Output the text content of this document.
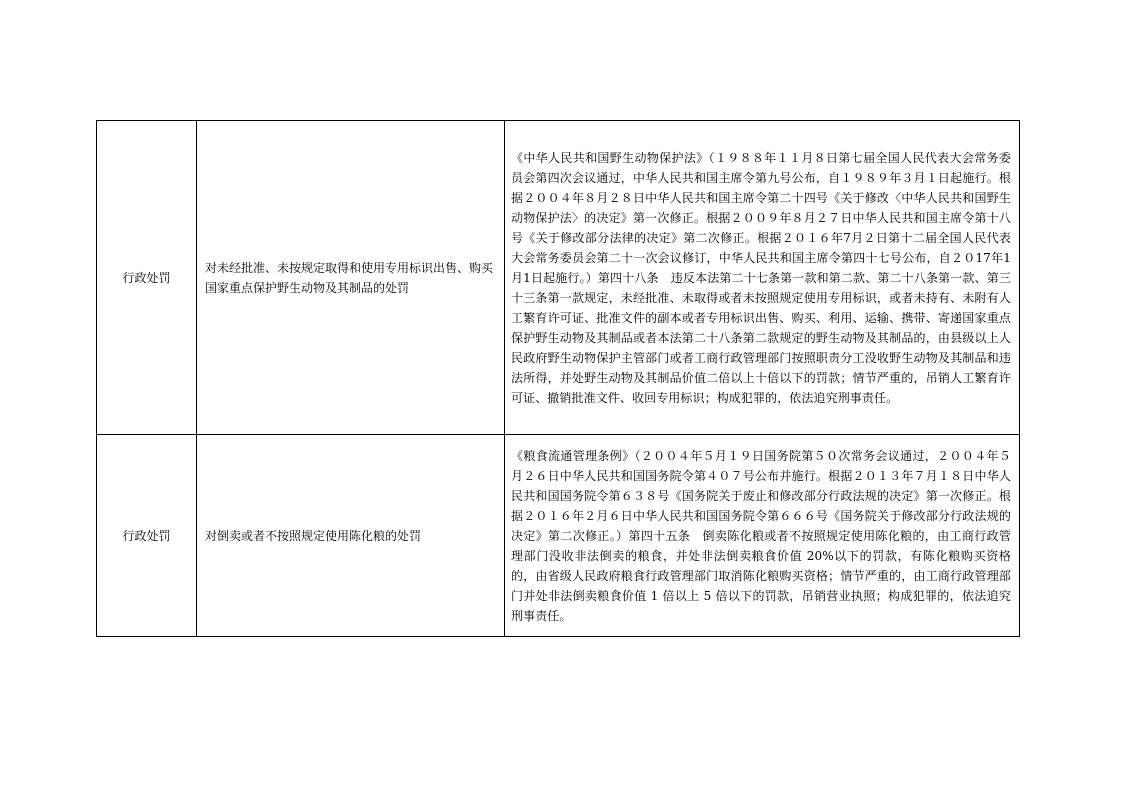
行政处罚	对未经批准、未按规定取得和使用专用标识出售、购买国家重点保护野生动物及其制品的处罚	《中华人民共和国野生动物保护法》（１９８８年１１月８日第七届全国人民代表大会常务委员会第四次会议通过，中华人民共和国主席令第九号公布，自１９８９年３月１日起施行。根据２００４年８月２８日中华人民共和国主席令第二十四号《关于修改〈中华人民共和国野生动物保护法〉的决定》第一次修正。根据２００９年８月２７日中华人民共和国主席令第十八号《关于修改部分法律的决定》第二次修正。根据２０１６年7月２日第十二届全国人民代表大会常务委员会第二十一次会议修订，中华人民共和国主席令第四十七号公布，自２０17年1月1日起施行。）第四十八条　违反本法第二十七条第一款和第二款、第二十八条第一款、第三十三条第一款规定，未经批准、未取得或者未按照规定使用专用标识，或者未持有、未附有人工繁育许可证、批准文件的副本或者专用标识出售、购买、利用、运输、携带、寄递国家重点保护野生动物及其制品或者本法第二十八条第二款规定的野生动物及其制品的，由县级以上人民政府野生动物保护主管部门或者工商行政管理部门按照职责分工没收野生动物及其制品和违法所得，并处野生动物及其制品价值二倍以上十倍以下的罚款；情节严重的，吊销人工繁育许可证、撤销批准文件、收回专用标识；构成犯罪的，依法追究刑事责任。
行政处罚	对倒卖或者不按照规定使用陈化粮的处罚	《粮食流通管理条例》（２００４年５月１９日国务院第５０次常务会议通过，２００４年５月２６日中华人民共和国国务院令第４０７号公布并施行。根据２０１３年７月１８日中华人民共和国国务院令第６３８号《国务院关于废止和修改部分行政法规的决定》第一次修正。根据２０１６年２月６日中华人民共和国国务院令第６６６号《国务院关于修改部分行政法规的决定》第二次修正。）第四十五条　倒卖陈化粮或者不按照规定使用陈化粮的，由工商行政管理部门没收非法倒卖的粮食，并处非法倒卖粮食价值 20%以下的罚款，有陈化粮购买资格的，由省级人民政府粮食行政管理部门取消陈化粮购买资格；情节严重的，由工商行政管理部门并处非法倒卖粮食价值 1 倍以上 5 倍以下的罚款，吊销营业执照；构成犯罪的，依法追究刑事责任。
